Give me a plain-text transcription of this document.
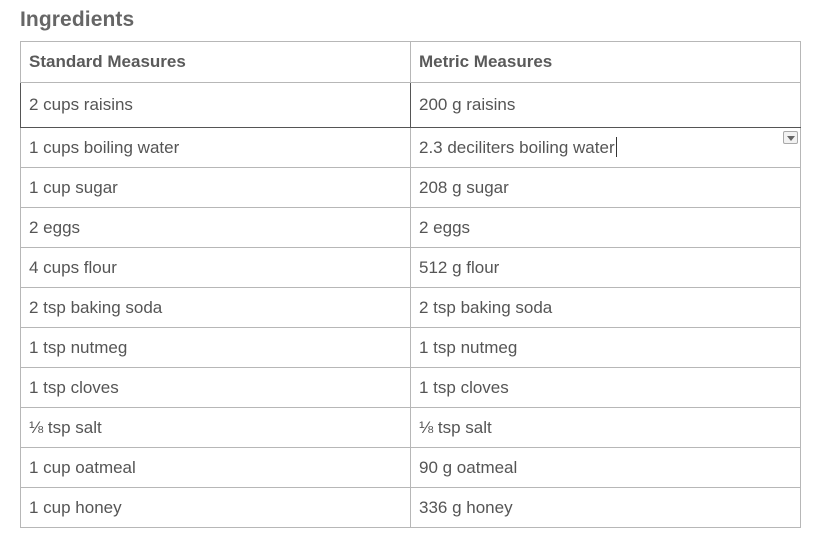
Ingredients
Standard Measures	Metric Measures
2 cups raisins	200 g raisins
1 cups boiling water	2.3 deciliters boiling water

1 cup sugar	208 g sugar
2 eggs	2 eggs
4 cups flour	512 g flour
2 tsp baking soda	2 tsp baking soda
1 tsp nutmeg	1 tsp nutmeg
1 tsp cloves	1 tsp cloves
⅛ tsp salt	⅛ tsp salt
1 cup oatmeal	90 g oatmeal
1 cup honey	336 g honey
